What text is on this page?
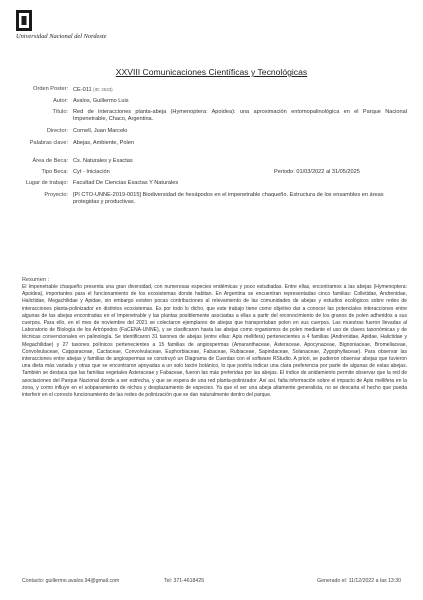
Universidad Nacional del Nordeste
XXVIII Comunicaciones Científicas y Tecnológicas
Orden Poster: CE-011 (ID: 2533)
Autor: Avalos, Guillermo Luis
Título: Red de interacciones planta-abeja (Hymenoptera: Apoidea): una aproximación entomopalinológica en el Parque Nacional Impenetrable, Chaco, Argentina.
Director: Cornell, Juan Marcelo
Palabras clave: Abejas, Ambiente, Polen
Área de Beca: Cs. Naturales y Exactas
Tipo Beca: Cyt - Iniciación	Periodo: 01/03/2022 al 31/05/2025
Lugar de trabajo: Facultad De Ciencias Exactas Y Naturales
Proyecto: [PI CTO-UNNE-2019-0015] Biodiversidad de hexápodos en el impenetrable chaqueño. Estructura de los ensambles en áreas protegidas y productivas.
Resumen :

El Impenetrable chaqueño presenta una gran diversidad, con numerosas especies endémicas y poco estudiadas. Entre ellas, encontramos a las abejas (Hymenoptera: Apoidea), importantes para el funcionamiento de los ecosistemas donde habitan. En Argentina se encuentran representadas cinco familias: Colletidae, Andrenidae, Halictidae, Megachilidae y Apidae, sin embargo existen pocas contribuciones al relevamiento de las comunidades de abejas y estudios ecológicos sobre redes de interacciones planta-polinizador en distintos ecosistemas. Es por todo lo dicho, que este trabajo tiene como objetivo dar a conocer las potenciales interacciones entre algunas de las abejas encontradas en el Impenetrable y las plantas posiblemente asociadas a ellas a partir del reconocimiento de los granos de polen adheridos a sus cuerpos. Para ello, en el mes de noviembre del 2021 se colectaron ejemplares de abejas que transportaban polen en sus cuerpos. Las muestras fueron llevadas al Laboratorio de Biología de los Artrópodos (FaCENA-UNNE), y se clasificaron hasta las abejas como organismos de polen mediante el uso de claves taxonómicas y de técnicas convencionales en palinología. Se identificaron 31 taxones de abejas (entre ellas: Apis mellifera) pertenecientes a 4 familias (Andrenidae, Apidae, Halictidae y Megachilidae) y 27 taxones polínicos pertenecientes a 15 familias de angiospermas (Amaranthaceae, Asteraceae, Apocynaceae, Bignoniaceae, Bromeliaceae, Convolvulaceae, Capparaceae, Cactaceae, Convolvulaceae, Euphorbiaceae, Fabaceae, Rubiaceae, Sapindaceae, Solanaceae, Zygophyllaceae). Para observar las interacciones entre abejas y familias de angiospermas se construyó un Diagrama de Cuerdas con el software RStudio. A priori, se pudieron observar abejas que tuvieron una dieta más variada y otras que se encontraron apoyadas a un solo taxón botánico, lo que podría indicar una clara preferencia por parte de algunas de estas abejas. También se destaca que las familias vegetales Asteraceae y Fabaceae, fueron las más preferidas por las abejas. El índice de anidamiento permite observar que la red de asociaciones del Parque Nacional donde a ser estrecha, y que se espera de una red planta-polinizador. Así así, falta información sobre el impacto de Apis mellifera en la zona, y como influye en el sobparamiento de nichos y desplazamiento de especies. Ya que el ser una abeja altamente generalista, no se descarta el hecho que pueda interferir en el correcto funcionamiento de las redes de polinización que se dan naturalmente dentro del parque.

Contacto: guillermo.avalos.94@gmail.com	Tel: 371-4618425	Generado el: 11/12/2022 a las 13:30
